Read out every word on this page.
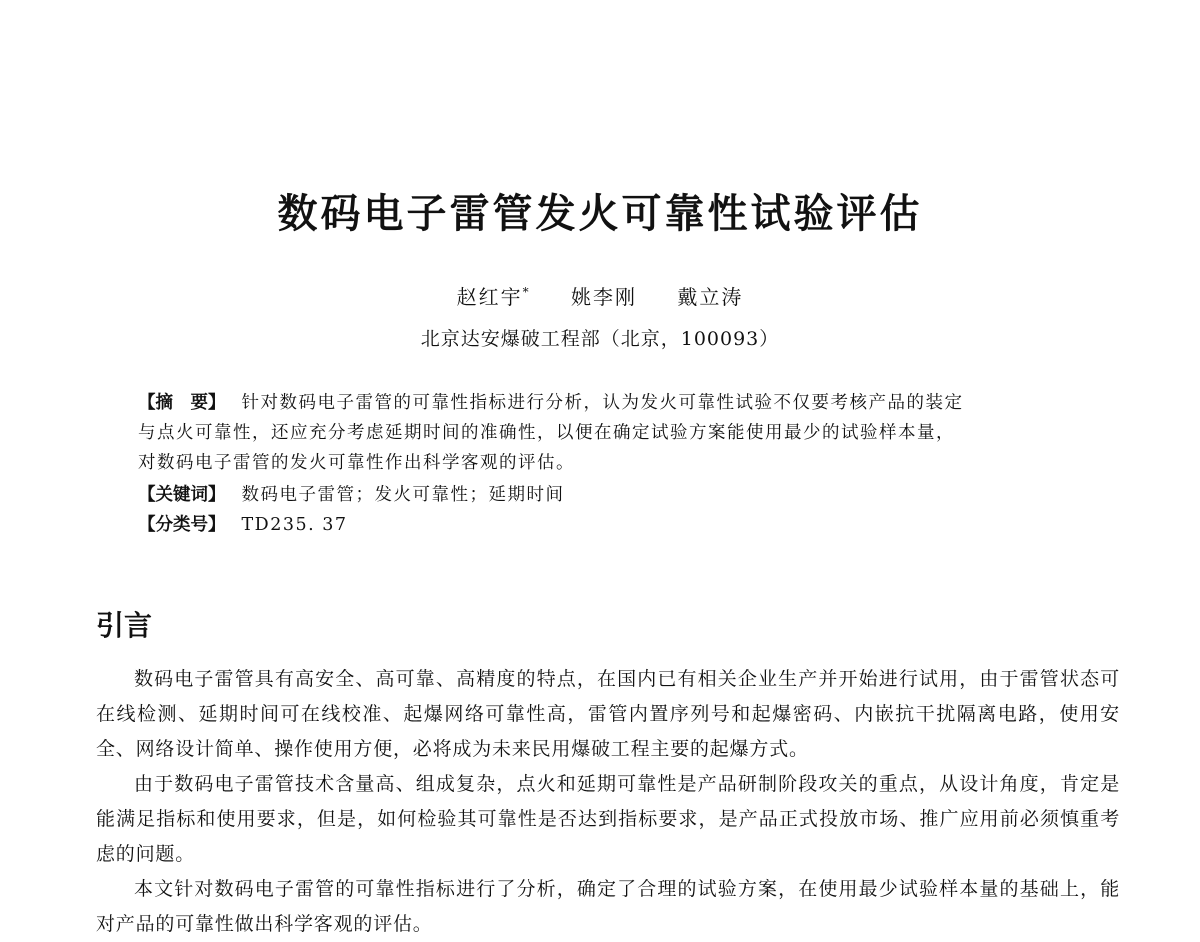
数码电子雷管发火可靠性试验评估
赵红宇* 姚李刚 戴立涛
北京达安爆破工程部（北京，100093）
【摘　要】 针对数码电子雷管的可靠性指标进行分析，认为发火可靠性试验不仅要考核产品的装定
与点火可靠性，还应充分考虑延期时间的准确性，以便在确定试验方案能使用最少的试验样本量，
对数码电子雷管的发火可靠性作出科学客观的评估。
【关键词】 数码电子雷管；发火可靠性；延期时间
【分类号】 TD235. 37
引言

数码电子雷管具有高安全、高可靠、高精度的特点，在国内已有相关企业生产并开始进行试用，由于雷管状态可在线检测、延期时间可在线校准、起爆网络可靠性高，雷管内置序列号和起爆密码、内嵌抗干扰隔离电路，使用安全、网络设计简单、操作使用方便，必将成为未来民用爆破工程主要的起爆方式。

由于数码电子雷管技术含量高、组成复杂，点火和延期可靠性是产品研制阶段攻关的重点，从设计角度，肯定是能满足指标和使用要求，但是，如何检验其可靠性是否达到指标要求，是产品正式投放市场、推广应用前必须慎重考虑的问题。

本文针对数码电子雷管的可靠性指标进行了分析，确定了合理的试验方案，在使用最少试验样本量的基础上，能对产品的可靠性做出科学客观的评估。
